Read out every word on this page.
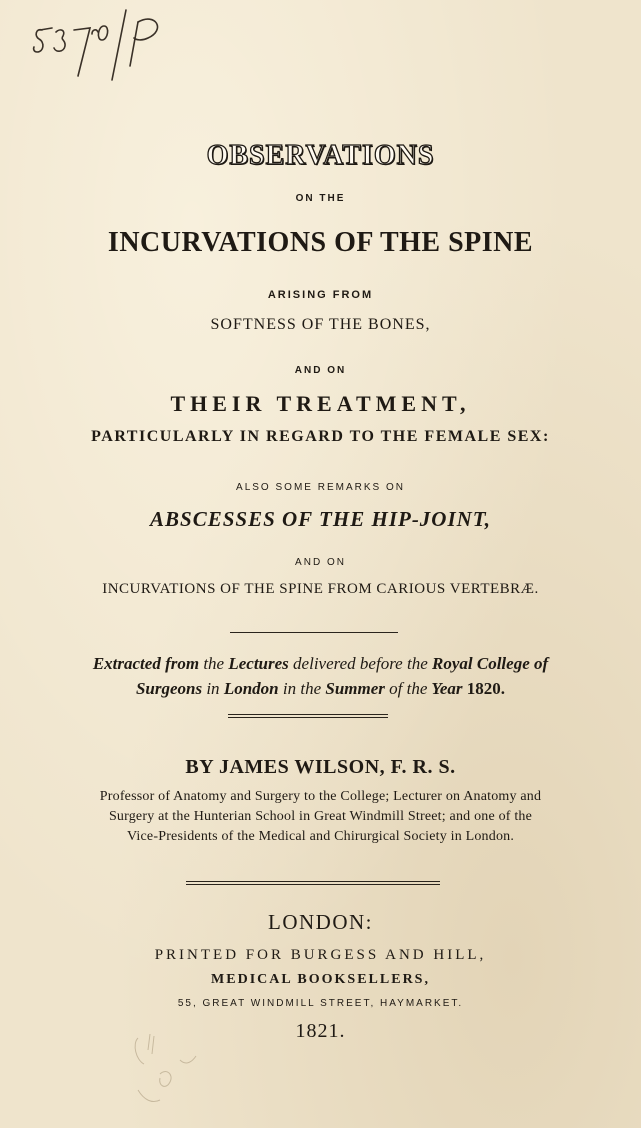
OBSERVATIONS
ON THE
INCURVATIONS OF THE SPINE
ARISING FROM
SOFTNESS OF THE BONES,
AND ON
THEIR TREATMENT,
PARTICULARLY IN REGARD TO THE FEMALE SEX:
ALSO SOME REMARKS ON
ABSCESSES OF THE HIP-JOINT,
AND ON
INCURVATIONS OF THE SPINE FROM CARIOUS VERTEBRÆ.
Extracted from the Lectures delivered before the Royal College of
Surgeons in London in the Summer of the Year 1820.
BY JAMES WILSON, F. R. S.
Professor of Anatomy and Surgery to the College; Lecturer on Anatomy and
Surgery at the Hunterian School in Great Windmill Street; and one of the
Vice-Presidents of the Medical and Chirurgical Society in London.
LONDON:
PRINTED FOR BURGESS AND HILL,
MEDICAL BOOKSELLERS,
55, GREAT WINDMILL STREET, HAYMARKET.
1821.
